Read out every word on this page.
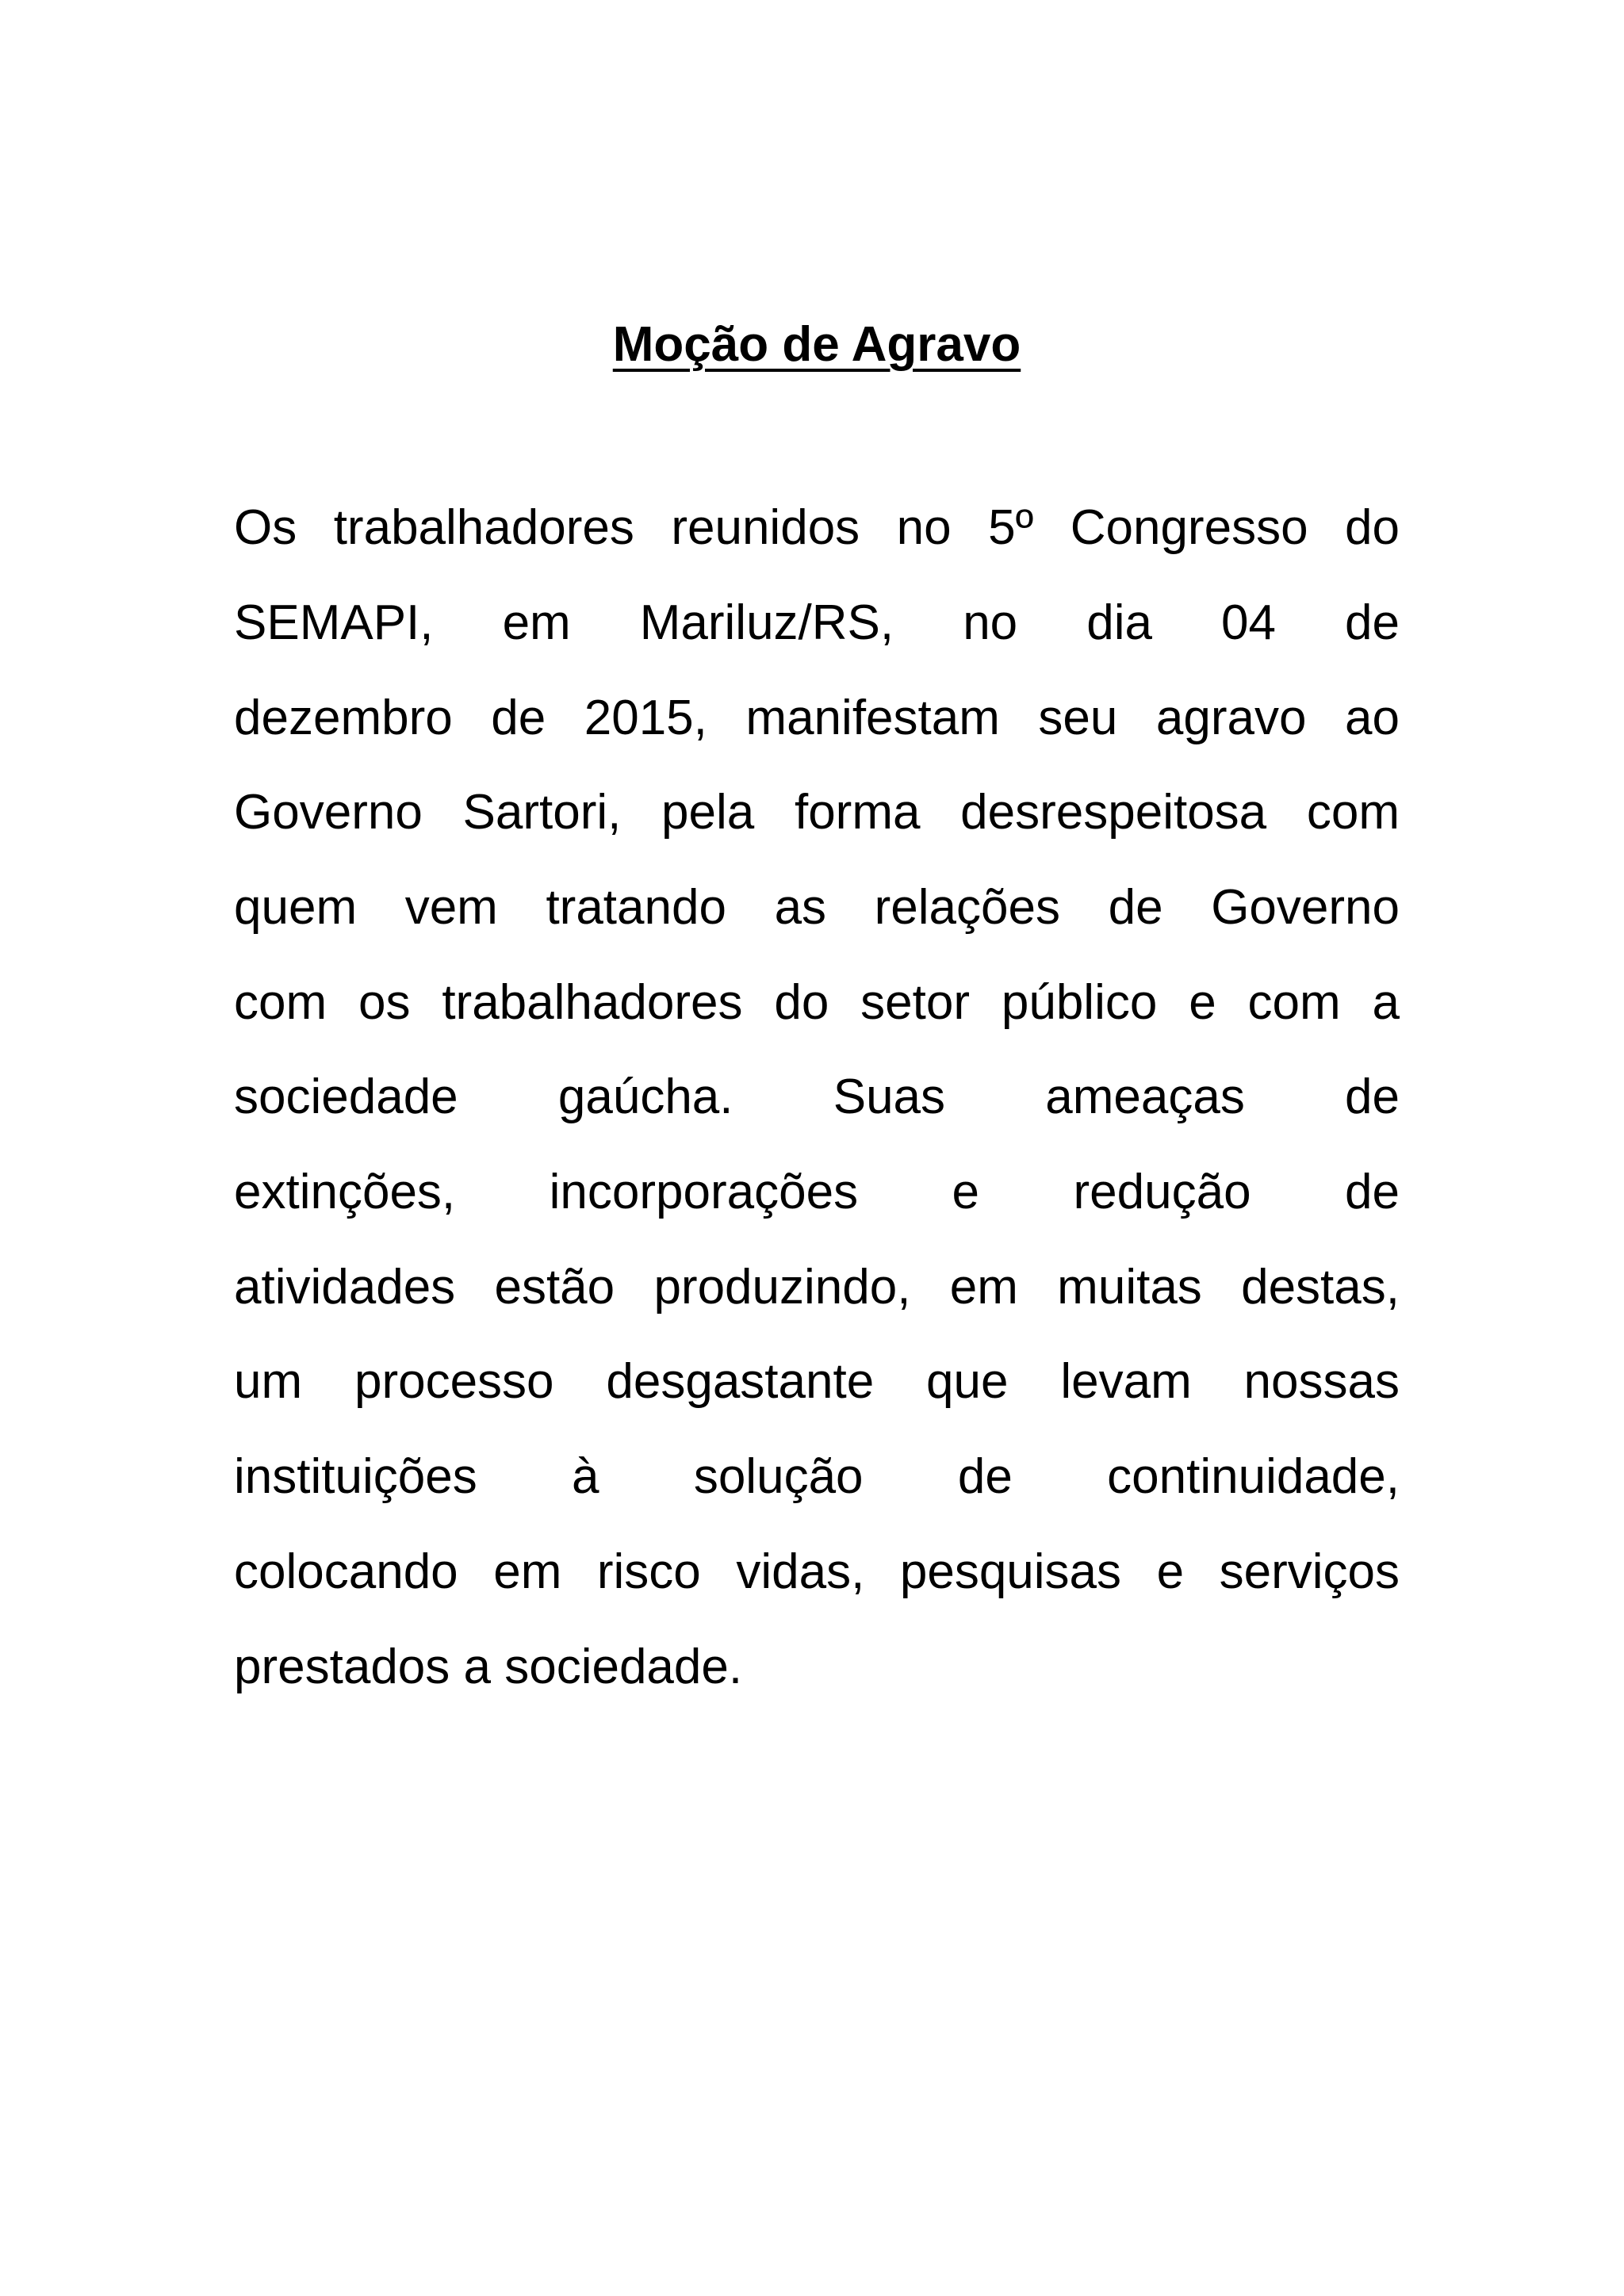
Moção de Agravo
Os trabalhadores reunidos no 5º Congresso do
SEMAPI, em Mariluz/RS, no dia 04 de
dezembro de 2015, manifestam seu agravo ao
Governo Sartori, pela forma desrespeitosa com
quem vem tratando as relações de Governo
com os trabalhadores do setor público e com a
sociedade gaúcha. Suas ameaças de
extinções, incorporações e redução de
atividades estão produzindo, em muitas destas,
um processo desgastante que levam nossas
instituições à solução de continuidade,
colocando em risco vidas, pesquisas e serviços
prestados a sociedade.
